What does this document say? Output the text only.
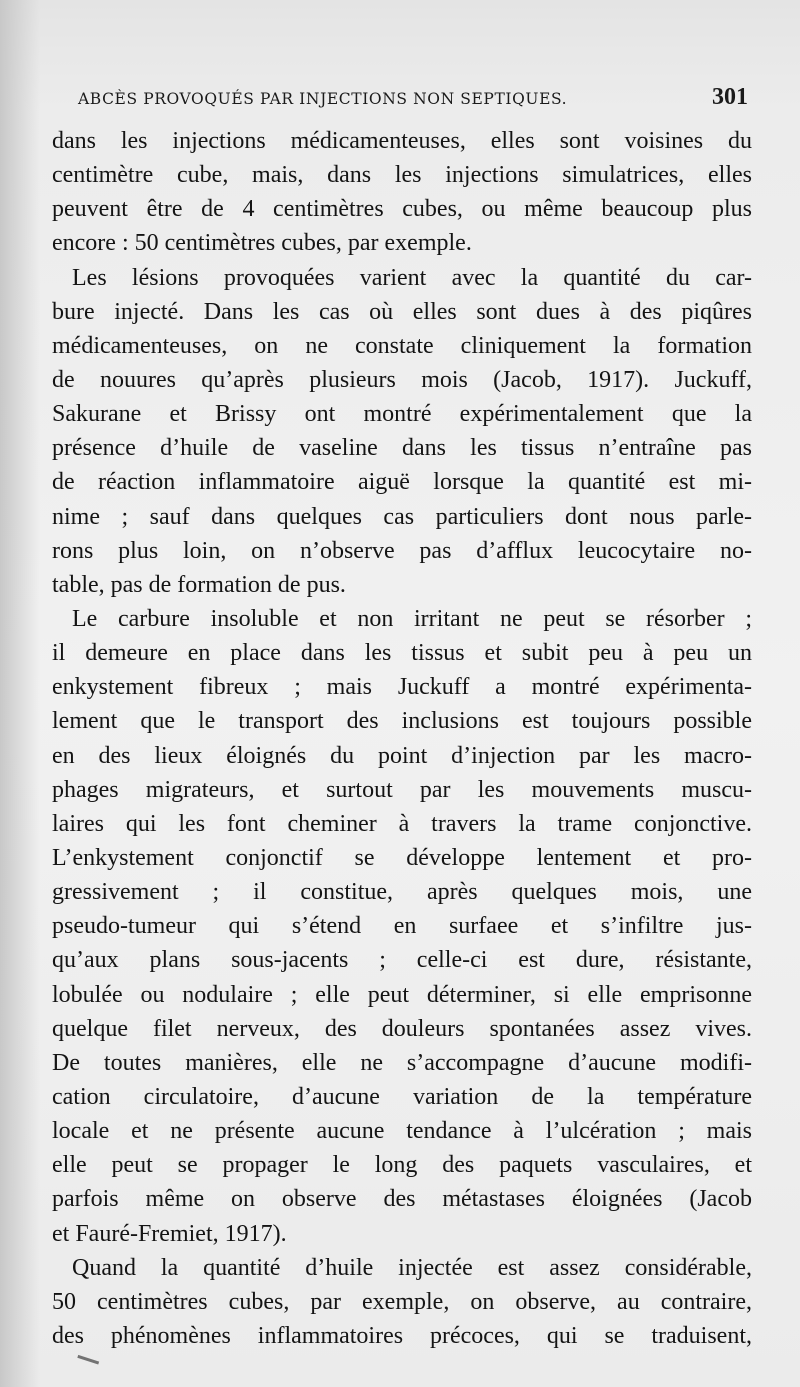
ABCÈS PROVOQUÉS PAR INJECTIONS NON SEPTIQUES.	301
dans les injections médicamenteuses, elles sont voisines du
centimètre cube, mais, dans les injections simulatrices, elles
peuvent être de 4 centimètres cubes, ou même beaucoup plus
encore : 50 centimètres cubes, par exemple.
Les lésions provoquées varient avec la quantité du car-
bure injecté. Dans les cas où elles sont dues à des piqûres
médicamenteuses, on ne constate cliniquement la formation
de nouures qu’après plusieurs mois (Jacob, 1917). Juckuff,
Sakurane et Brissy ont montré expérimentalement que la
présence d’huile de vaseline dans les tissus n’entraîne pas
de réaction inflammatoire aiguë lorsque la quantité est mi-
nime ; sauf dans quelques cas particuliers dont nous parle-
rons plus loin, on n’observe pas d’afflux leucocytaire no-
table, pas de formation de pus.
Le carbure insoluble et non irritant ne peut se résorber ;
il demeure en place dans les tissus et subit peu à peu un
enkystement fibreux ; mais Juckuff a montré expérimenta-
lement que le transport des inclusions est toujours possible
en des lieux éloignés du point d’injection par les macro-
phages migrateurs, et surtout par les mouvements muscu-
laires qui les font cheminer à travers la trame conjonctive.
L’enkystement conjonctif se développe lentement et pro-
gressivement ; il constitue, après quelques mois, une
pseudo-tumeur qui s’étend en surfaee et s’infiltre jus-
qu’aux plans sous-jacents ; celle-ci est dure, résistante,
lobulée ou nodulaire ; elle peut déterminer, si elle emprisonne
quelque filet nerveux, des douleurs spontanées assez vives.
De toutes manières, elle ne s’accompagne d’aucune modifi-
cation circulatoire, d’aucune variation de la température
locale et ne présente aucune tendance à l’ulcération ; mais
elle peut se propager le long des paquets vasculaires, et
parfois même on observe des métastases éloignées (Jacob
et Fauré-Fremiet, 1917).
Quand la quantité d’huile injectée est assez considérable,
50 centimètres cubes, par exemple, on observe, au contraire,
des phénomènes inflammatoires précoces, qui se traduisent,
